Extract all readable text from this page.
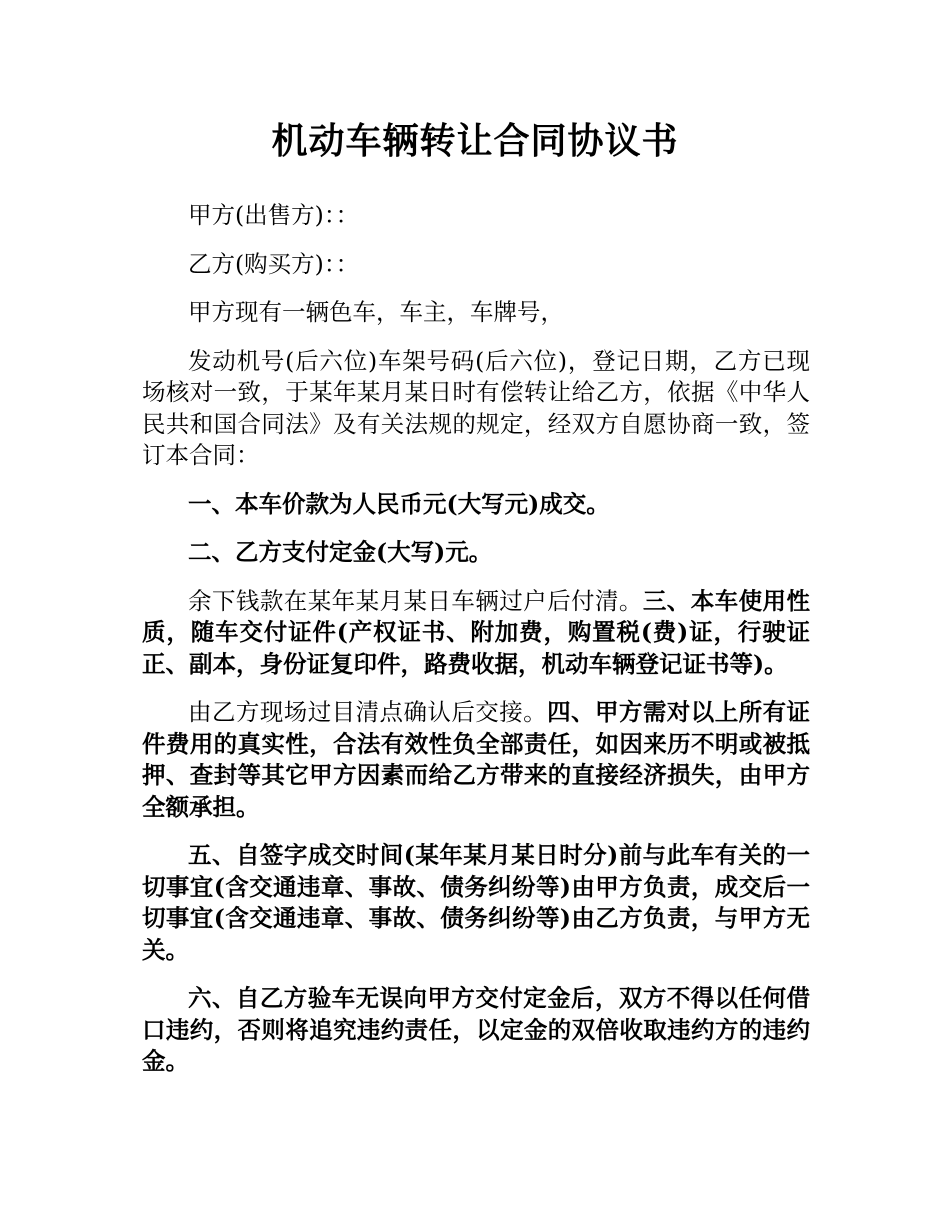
机动车辆转让合同协议书

甲方(出售方)：：

乙方(购买方)：：

甲方现有一辆色车，车主，车牌号，

发动机号(后六位)车架号码(后六位)，登记日期，乙方已现场核对一致，于某年某月某日时有偿转让给乙方，依据《中华人民共和国合同法》及有关法规的规定，经双方自愿协商一致，签订本合同：

一、本车价款为人民币元(大写元)成交。

二、乙方支付定金(大写)元。

余下钱款在某年某月某日车辆过户后付清。三、本车使用性质，随车交付证件(产权证书、附加费，购置税(费)证，行驶证正、副本，身份证复印件，路费收据，机动车辆登记证书等)。

由乙方现场过目清点确认后交接。四、甲方需对以上所有证件费用的真实性，合法有效性负全部责任，如因来历不明或被抵押、查封等其它甲方因素而给乙方带来的直接经济损失，由甲方全额承担。

五、自签字成交时间(某年某月某日时分)前与此车有关的一切事宜(含交通违章、事故、债务纠纷等)由甲方负责，成交后一切事宜(含交通违章、事故、债务纠纷等)由乙方负责，与甲方无关。

六、自乙方验车无误向甲方交付定金后，双方不得以任何借口违约，否则将追究违约责任，以定金的双倍收取违约方的违约金。
